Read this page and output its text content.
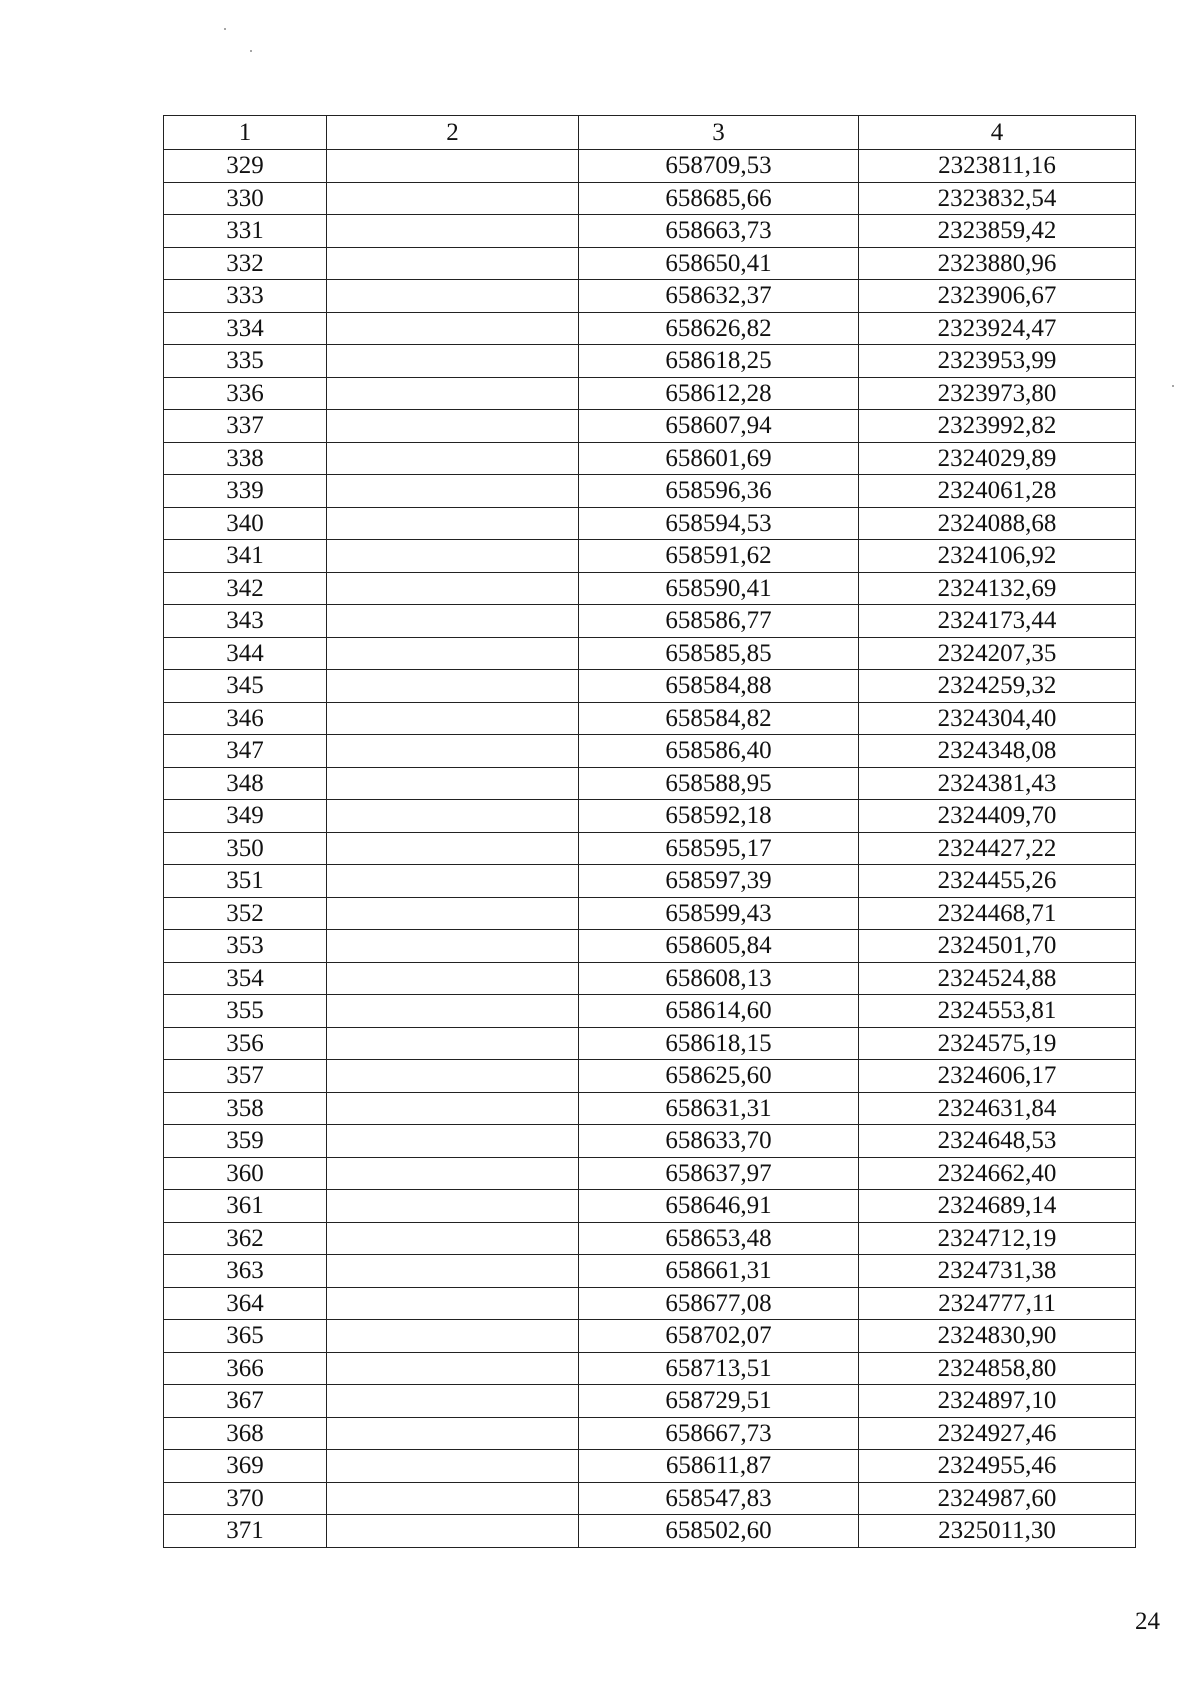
1	2	3	4
329		658709,53	2323811,16
330		658685,66	2323832,54
331		658663,73	2323859,42
332		658650,41	2323880,96
333		658632,37	2323906,67
334		658626,82	2323924,47
335		658618,25	2323953,99
336		658612,28	2323973,80
337		658607,94	2323992,82
338		658601,69	2324029,89
339		658596,36	2324061,28
340		658594,53	2324088,68
341		658591,62	2324106,92
342		658590,41	2324132,69
343		658586,77	2324173,44
344		658585,85	2324207,35
345		658584,88	2324259,32
346		658584,82	2324304,40
347		658586,40	2324348,08
348		658588,95	2324381,43
349		658592,18	2324409,70
350		658595,17	2324427,22
351		658597,39	2324455,26
352		658599,43	2324468,71
353		658605,84	2324501,70
354		658608,13	2324524,88
355		658614,60	2324553,81
356		658618,15	2324575,19
357		658625,60	2324606,17
358		658631,31	2324631,84
359		658633,70	2324648,53
360		658637,97	2324662,40
361		658646,91	2324689,14
362		658653,48	2324712,19
363		658661,31	2324731,38
364		658677,08	2324777,11
365		658702,07	2324830,90
366		658713,51	2324858,80
367		658729,51	2324897,10
368		658667,73	2324927,46
369		658611,87	2324955,46
370		658547,83	2324987,60
371		658502,60	2325011,30
24
